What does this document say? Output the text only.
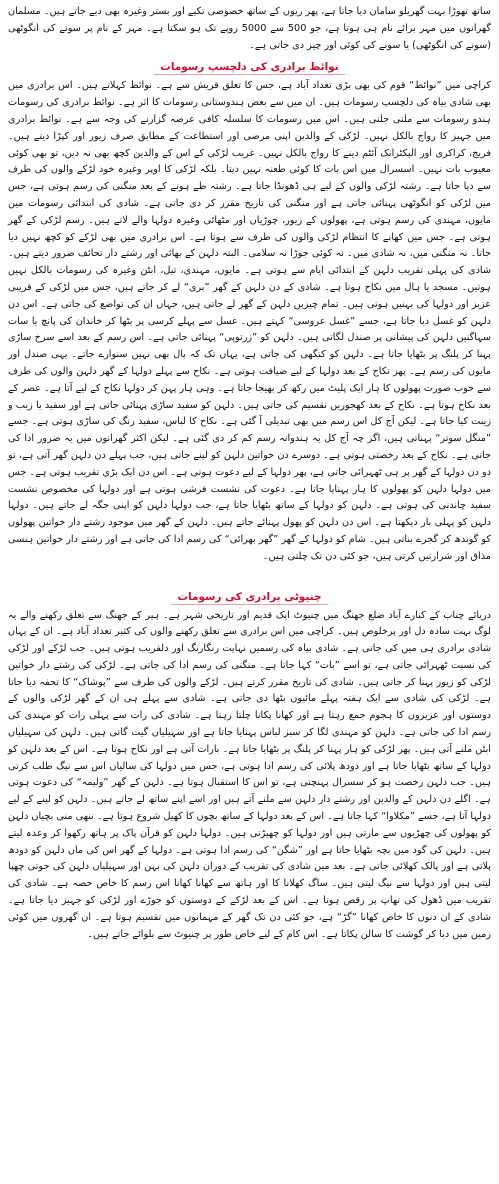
ساتھ تھوڑا بہت گھریلو سامان دیا جاتا ہے، پھر ریوں کے ساتھ خصوصی تکیے اور بستر وغیرہ بھی دیے جاتے ہیں۔ مسلمان گھرانوں میں مہر برائے نام ہی ہوتا ہے، جو 500 سے 5000 روپے تک ہو سکتا ہے۔ مہر کے نام پر سونے کی انگوٹھی (سونے کی انگوٹھی) یا سونے کی کوئی اور چیز دی جاتی ہے۔

نوائط برادری کی دلچسپ رسومات

کراچی میں ”نوائط“ قوم کی بھی بڑی تعداد آباد ہے، جس کا تعلق قریش سے ہے۔ نوائط کہلاتے ہیں۔ اس برادری میں بھی شادی بیاہ کی دلچسپ رسومات ہیں۔ ان میں سے بعض ہندوستانی رسومات کا اثر ہے۔ نوائط برادری کی رسومات ہندو رسومات سے ملتی جلتی ہیں۔ اس میں رسومات کا سلسلہ کافی عرصہ گزارنے کی وجہ سے ہے۔ نوائط برادری میں جہیز کا رواج بالکل نہیں۔ لڑکی کے والدین اپنی مرضی اور استطاعت کے مطابق صرف زیور اور کپڑا دیتے ہیں۔ فریج، کراکری اور الیکٹرانک آئٹم دینے کا رواج بالکل نہیں۔ غریب لڑکی کے اس کے والدین کچھ بھی نہ دیں، تو بھی کوئی معیوب بات نہیں۔ اسسرال میں اس بات کا کوئی طعنہ نہیں دیتا۔ بلکہ لڑکی کا اوپر وغیرہ خود لڑکے والوں کی طرف سے دیا جاتا ہے۔ رشتہ لڑکی والوں کے لیے ہی ڈھونڈا جاتا ہے۔ رشتہ طے ہونے کے بعد منگنی کی رسم ہوتی ہے، جس میں لڑکی کو انگوٹھی پہنائی جاتی ہے اور منگنی کی تاریخ مقرر کر دی جاتی ہے۔ شادی کی ابتدائی رسومات میں مایوں، مہندی کی رسم ہوتی ہے، پھولوں کے زیور، چوڑیاں اور مٹھائی وغیرہ دولہا والے لاتے ہیں۔ رسم لڑکی کے گھر ہوتی ہے۔ جس میں کھانے کا انتظام لڑکی والوں کی طرف سے ہوتا ہے۔ اس برادری میں بھی لڑکے کو کچھ نہیں دیا جاتا۔ نہ منگنی میں، نہ شادی میں۔ نہ کوئی جوڑا نہ سلامی۔ البتہ دلہن کے بھائی اور رشتے دار تحائف ضرور دیتے ہیں۔ شادی کی پہلی تقریب دلہن کے ابتدائی ایام سے ہوتی ہے۔ مایوں، مہندی، تیل، ابٹن وغیرہ کی رسومات بالکل نہیں ہوتیں۔ مسجد یا ہال میں نکاح ہوتا ہے۔ شادی کے دن دلہن کے گھر ”بری“ لے کر جاتے ہیں، جس میں لڑکی کے قریبی عزیز اور دولہا کی بہنیں ہوتی ہیں۔ تمام چیزیں دلہن کے گھر لے جاتی ہیں، جہاں ان کی تواضع کی جاتی ہے۔ اس دن دلہن کو غسل دیا جاتا ہے، جسے ”غسل عروسی“ کہتے ہیں۔ غسل سے پہلے کرسی پر بٹھا کر خاندان کی پانچ یا سات سہاگنیں دلہن کی پیشانی پر صندل لگاتی ہیں۔ دلہن کو ”زرتوپی“ پہنائی جاتی ہے۔ اس رسم کے بعد اسے سرخ ساڑی پہنا کر پلنگ پر بٹھایا جاتا ہے۔ دلہن کو کنگھی کی جاتی ہے، یہاں تک کہ بال بھی نہیں سنوارے جاتے۔ یہی صندل اور مایوں کی رسم ہے۔ پھر نکاح کے بعد دولہا کے لیے ضیافت ہوتی ہے۔ نکاح سے پہلے دولہا کے گھر دلہن والوں کی طرف سے خوب صورت پھولوں کا ہار ایک پلیٹ میں رکھ کر بھیجا جاتا ہے۔ وہی ہار پہن کر دولہا نکاح کے لیے آتا ہے۔ عصر کے بعد نکاح ہوتا ہے۔ نکاح کے بعد کھجوریں تقسیم کی جاتی ہیں۔ دلہن کو سفید ساڑی پہنائی جاتی ہے اور سفید یا زیب و زینت کیا جاتا ہے۔ لیکن آج کل اس رسم میں بھی تبدیلی آ گئی ہے۔ نکاح کا لباس، سفید رنگ کی ساڑی ہوتی ہے۔ جسے ”منگل سوتر“ پہناتی ہیں، اگر چہ آج کل یہ ہندوانہ رسم کم کر دی گئی ہے۔ لیکن اکثر گھرانوں میں یہ ضرور ادا کی جاتی ہے۔ نکاح کے بعد رخصتی ہوتی ہے۔ دوسرے دن خواتین دلہن کو لینے جاتی ہیں، جب پہلے دن دلہن گھر آتی ہے، تو دو دن دولہا کے گھر پر ہی ٹھہرائی جاتی ہے، پھر دولہا کے لیے دعوت ہوتی ہے۔ اس دن ایک بڑی تقریب ہوتی ہے۔ جس میں دولہا دلہن کو پھولوں کا ہار پہنایا جاتا ہے۔ دعوت کی نشست فرشی ہوتی ہے اور دولہا کی مخصوص نشست سفید چاندنی کی ہوتی ہے۔ دلہن کو دولہا کے ساتھ بٹھایا جاتا ہے، جب دولہا دلہن کو اپنی جگہ لے جاتے ہیں۔ دولہا دلہن کو پہلی بار دیکھتا ہے۔ اس دن دلہن کو پھول پہنائے جاتے ہیں۔ دلہن کے گھر میں موجود رشتے دار خواتین پھولوں کو گوندھ کر گجرے بناتی ہیں۔ شام کو دولہا کے گھر ”گھر بھرائی“ کی رسم ادا کی جاتی ہے اور رشتے دار خواتین ہنسی مذاق اور شرارتیں کرتی ہیں، جو کئی دن تک چلتی ہیں۔

چنیوٹی برادری کی رسومات

دریائے چناب کے کنارے آباد ضلع جھنگ میں چنیوٹ ایک قدیم اور تاریخی شہر ہے۔ ہیر کے جھنگ سے تعلق رکھنے والے یہ لوگ بہت سادہ دل اور پرخلوص ہیں۔ کراچی میں اس برادری سے تعلق رکھنے والوں کی کثیر تعداد آباد ہے۔ ان کے یہاں شادی برادری ہی میں کی جاتی ہے۔ شادی بیاہ کی رسمیں نہایت رنگارنگ اور دلفریب ہوتی ہیں۔ جب لڑکے اور لڑکی کی نسبت ٹھہرائی جاتی ہے، تو اسے ”بات“ کہا جاتا ہے۔ منگنی کی رسم ادا کی جاتی ہے۔ لڑکی کی رشتے دار خواتین لڑکی کو زیور پہنا کر جاتی ہیں۔ شادی کی تاریخ مقرر کرتے ہیں۔ لڑکے والوں کی طرف سے ”پوشاک“ کا تحفہ دیا جاتا ہے۔ لڑکی کی شادی سے ایک ہفتہ پہلے مائیوں بٹھا دی جاتی ہے۔ شادی سے پہلے ہی ان کے گھر لڑکی والوں کے دوستوں اور عزیزوں کا ہجوم جمع رہتا ہے اور کھانا پکانا چلتا رہتا ہے۔ شادی کی رات سے پہلی رات کو مہندی کی رسم ادا کی جاتی ہے۔ دلہن کو مہندی لگا کر سبز لباس پہنایا جاتا ہے اور سہیلیاں گیت گاتی ہیں۔ دلہن کی سہیلیاں ابٹن ملنے آتی ہیں۔ پھر لڑکی کو ہار پہنا کر پلنگ پر بٹھایا جاتا ہے۔ بارات آتی ہے اور نکاح ہوتا ہے۔ اس کے بعد دلہن کو دولہا کے ساتھ بٹھایا جاتا ہے اور دودھ پلائی کی رسم ادا ہوتی ہے، جس میں دولہا کی سالیاں اس سے نیگ طلب کرتی ہیں۔ جب دلہن رخصت ہو کر سسرال پہنچتی ہے، تو اس کا استقبال ہوتا ہے۔ دلہن کے گھر ”ولیمہ“ کی دعوت ہوتی ہے۔ اگلے دن دلہن کے والدین اور رشتے دار دلہن سے ملنے آتے ہیں اور اسے اپنے ساتھ لے جاتے ہیں۔ دلہن کو لینے کے لیے دولہا آتا ہے، جسے ”مکلاوا“ کہا جاتا ہے۔ اس کے بعد دولہا کے ساتھ بچوں کا کھیل شروع ہوتا ہے۔ ننھی منی بچیاں دلہن کو پھولوں کی چھڑیوں سے مارتی ہیں اور دولہا کو چھیڑتی ہیں۔ دولہا دلہن کو قرآن پاک پر ہاتھ رکھوا کر وعدہ لیتے ہیں۔ دلہن کی گود میں بچہ بٹھایا جاتا ہے اور ”شگن“ کی رسم ادا ہوتی ہے۔ دولہا کے گھر اس کی ماں دلہن کو دودھ پلاتی ہے اور پالک کھلائی جاتی ہے۔ بعد میں شادی کی تقریب کے دوران دلہن کی بہن اور سہیلیاں دلہن کی جوتی چھپا لیتی ہیں اور دولہا سے نیگ لیتی ہیں۔ ساگ کھلانا کا اور ہاتھ سے کھانا کھانا اس رسم کا خاص حصہ ہے۔ شادی کی تقریب میں ڈھول کی تھاپ پر رقص ہوتا ہے۔ اس کے بعد لڑکے کے دوستوں کو جوڑے اور لڑکی کو جہیز دیا جاتا ہے۔ شادی کے ان دنوں کا خاص کھانا ”گڑ“ ہے، جو کئی دن تک گھر کے مہمانوں میں تقسیم ہوتا ہے۔ ان گھروں میں کوئی زمین میں دبا کر گوشت کا سالن پکاتا ہے۔ اس کام کے لیے خاص طور پر چنیوٹ سے بلوائے جاتے ہیں۔
